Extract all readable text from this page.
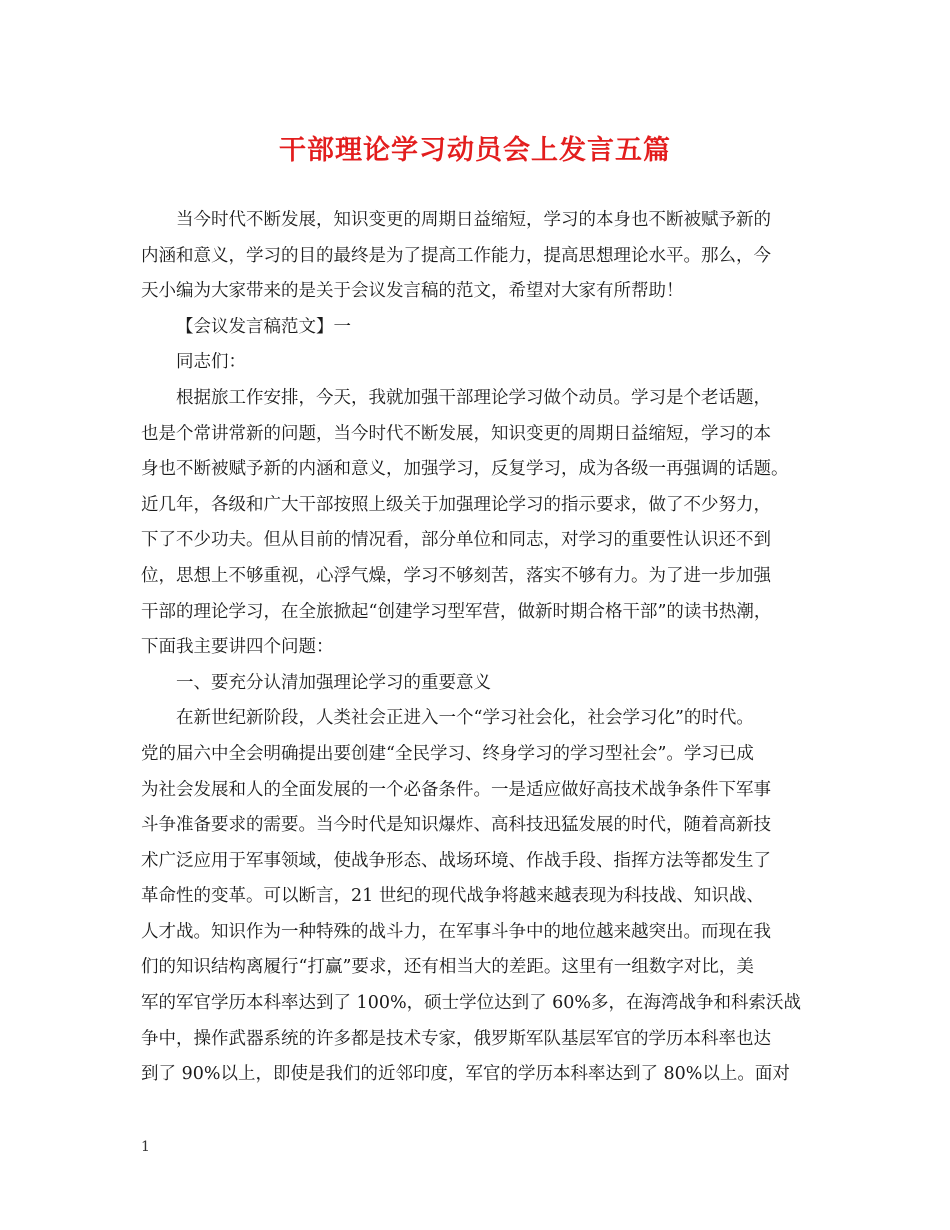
干部理论学习动员会上发言五篇
当今时代不断发展，知识变更的周期日益缩短，学习的本身也不断被赋予新的
内涵和意义，学习的目的最终是为了提高工作能力，提高思想理论水平。那么，今
天小编为大家带来的是关于会议发言稿的范文，希望对大家有所帮助！
【会议发言稿范文】一
同志们：
根据旅工作安排，今天，我就加强干部理论学习做个动员。学习是个老话题，
也是个常讲常新的问题，当今时代不断发展，知识变更的周期日益缩短，学习的本
身也不断被赋予新的内涵和意义，加强学习，反复学习，成为各级一再强调的话题。
近几年，各级和广大干部按照上级关于加强理论学习的指示要求，做了不少努力，
下了不少功夫。但从目前的情况看，部分单位和同志，对学习的重要性认识还不到
位，思想上不够重视，心浮气燥，学习不够刻苦，落实不够有力。为了进一步加强
干部的理论学习，在全旅掀起“创建学习型军营，做新时期合格干部”的读书热潮，
下面我主要讲四个问题：
一、要充分认清加强理论学习的重要意义
在新世纪新阶段，人类社会正进入一个“学习社会化，社会学习化”的时代。
党的届六中全会明确提出要创建“全民学习、终身学习的学习型社会”。学习已成
为社会发展和人的全面发展的一个必备条件。一是适应做好高技术战争条件下军事
斗争准备要求的需要。当今时代是知识爆炸、高科技迅猛发展的时代，随着高新技
术广泛应用于军事领域，使战争形态、战场环境、作战手段、指挥方法等都发生了
革命性的变革。可以断言，21 世纪的现代战争将越来越表现为科技战、知识战、
人才战。知识作为一种特殊的战斗力，在军事斗争中的地位越来越突出。而现在我
们的知识结构离履行“打赢”要求，还有相当大的差距。这里有一组数字对比，美
军的军官学历本科率达到了 100%，硕士学位达到了 60%多，在海湾战争和科索沃战
争中，操作武器系统的许多都是技术专家，俄罗斯军队基层军官的学历本科率也达
到了 90%以上，即使是我们的近邻印度，军官的学历本科率达到了 80%以上。面对
1
